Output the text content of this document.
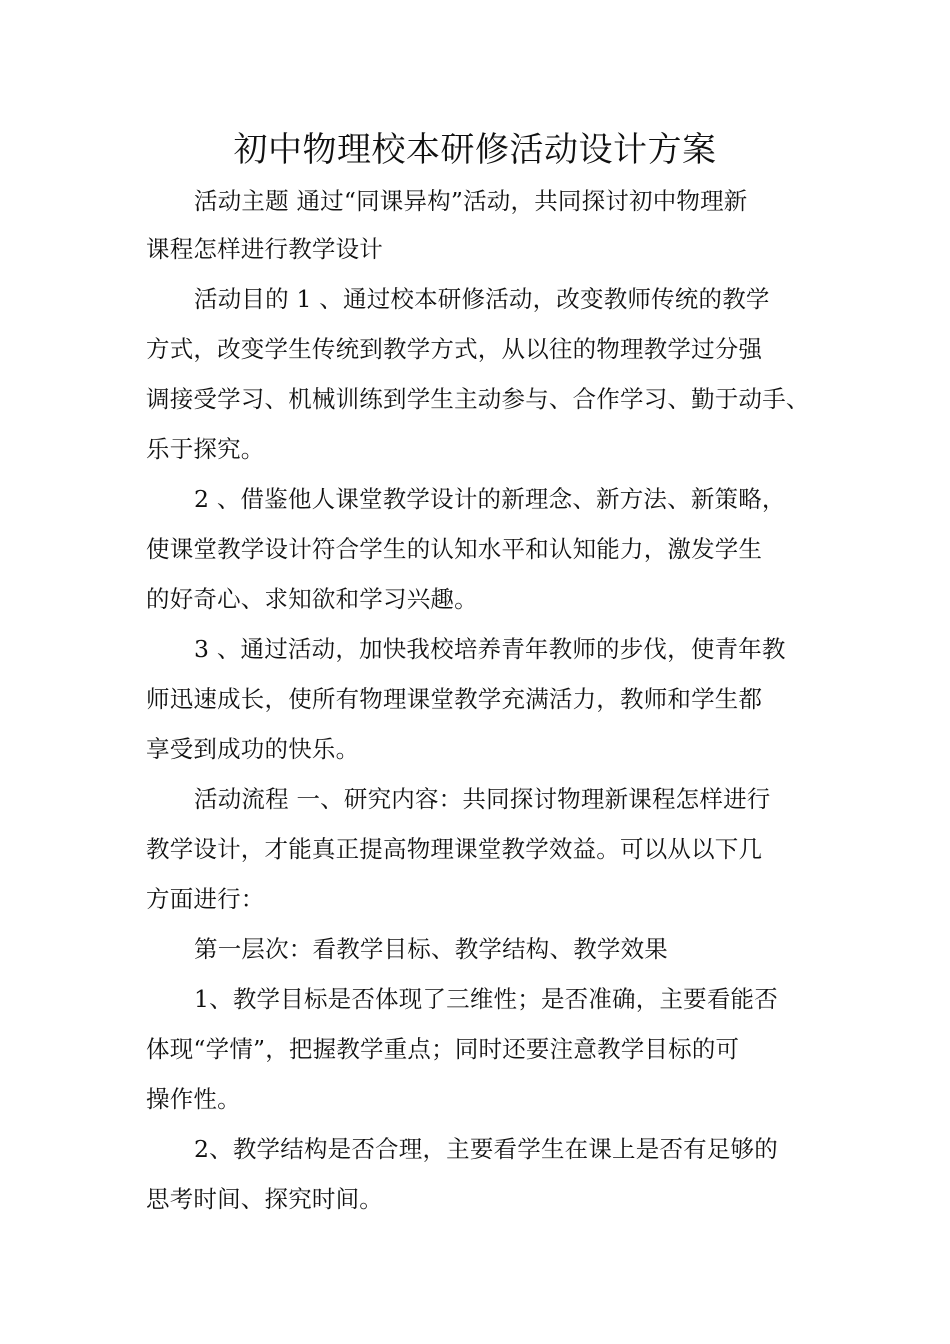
初中物理校本研修活动设计方案
活动主题 通过“同课异构”活动，共同探讨初中物理新
课程怎样进行教学设计
活动目的 1 、通过校本研修活动，改变教师传统的教学
方式，改变学生传统到教学方式，从以往的物理教学过分强
调接受学习、机械训练到学生主动参与、合作学习、勤于动手、
乐于探究。
2 、借鉴他人课堂教学设计的新理念、新方法、新策略，
使课堂教学设计符合学生的认知水平和认知能力，激发学生
的好奇心、求知欲和学习兴趣。
3 、通过活动，加快我校培养青年教师的步伐，使青年教
师迅速成长，使所有物理课堂教学充满活力，教师和学生都
享受到成功的快乐。
活动流程 一、研究内容：共同探讨物理新课程怎样进行
教学设计，才能真正提高物理课堂教学效益。可以从以下几
方面进行：
第一层次：看教学目标、教学结构、教学效果
1、教学目标是否体现了三维性；是否准确，主要看能否
体现“学情”，把握教学重点；同时还要注意教学目标的可
操作性。
2、教学结构是否合理，主要看学生在课上是否有足够的
思考时间、探究时间。
